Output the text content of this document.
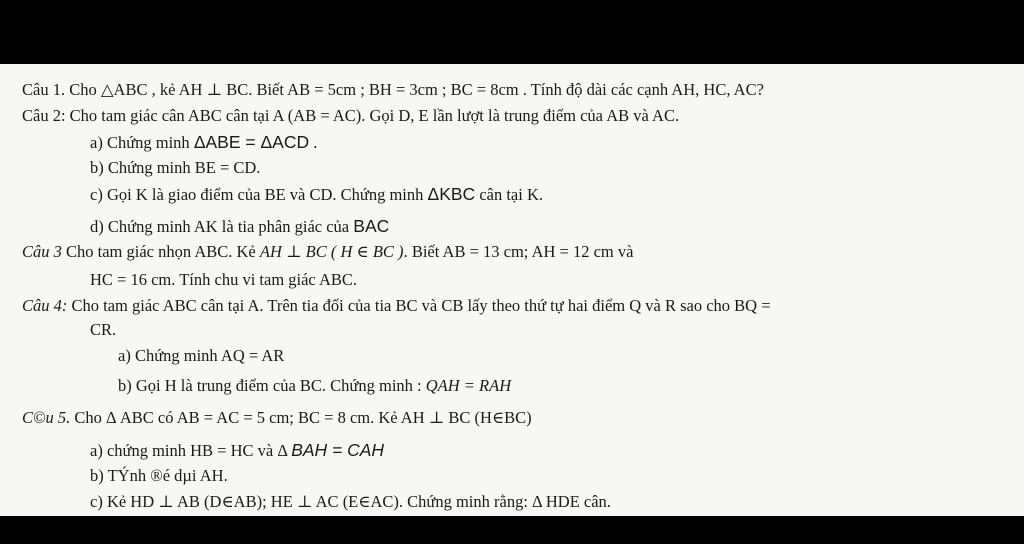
Câu 1. Cho △ABC , kẻ AH ⊥ BC. Biết AB = 5cm ; BH = 3cm ; BC = 8cm . Tính độ dài các cạnh AH, HC, AC?
Câu 2: Cho tam giác cân ABC cân tại A (AB = AC). Gọi D, E lần lượt là trung điểm của AB và AC.
a) Chứng minh ΔABE = ΔACD .
b) Chứng minh BE = CD.
c) Gọi K là giao điểm của BE và CD. Chứng minh ΔKBC cân tại K.
d) Chứng minh AK là tia phân giác của BAC
Câu 3 Cho tam giác nhọn ABC. Kẻ AH ⊥ BC ( H ∈ BC ). Biết AB = 13 cm; AH = 12 cm và
HC = 16 cm. Tính chu vi tam giác ABC.
Câu 4: Cho tam giác ABC cân tại A. Trên tia đối của tia BC và CB lấy theo thứ tự hai điểm Q và R sao cho BQ =
CR.
a) Chứng minh AQ = AR
b) Gọi H là trung điểm của BC. Chứng minh : QAH = RAH
C©u 5. Cho Δ ABC có AB = AC = 5 cm; BC = 8 cm. Kẻ AH ⊥ BC (H∈BC)
a) chứng minh HB = HC và Δ BAH = CAH
b) TÝnh ®é dµi AH.
c) Kẻ HD ⊥ AB (D∈AB); HE ⊥ AC (E∈AC). Chứng minh rằng: Δ HDE cân.
